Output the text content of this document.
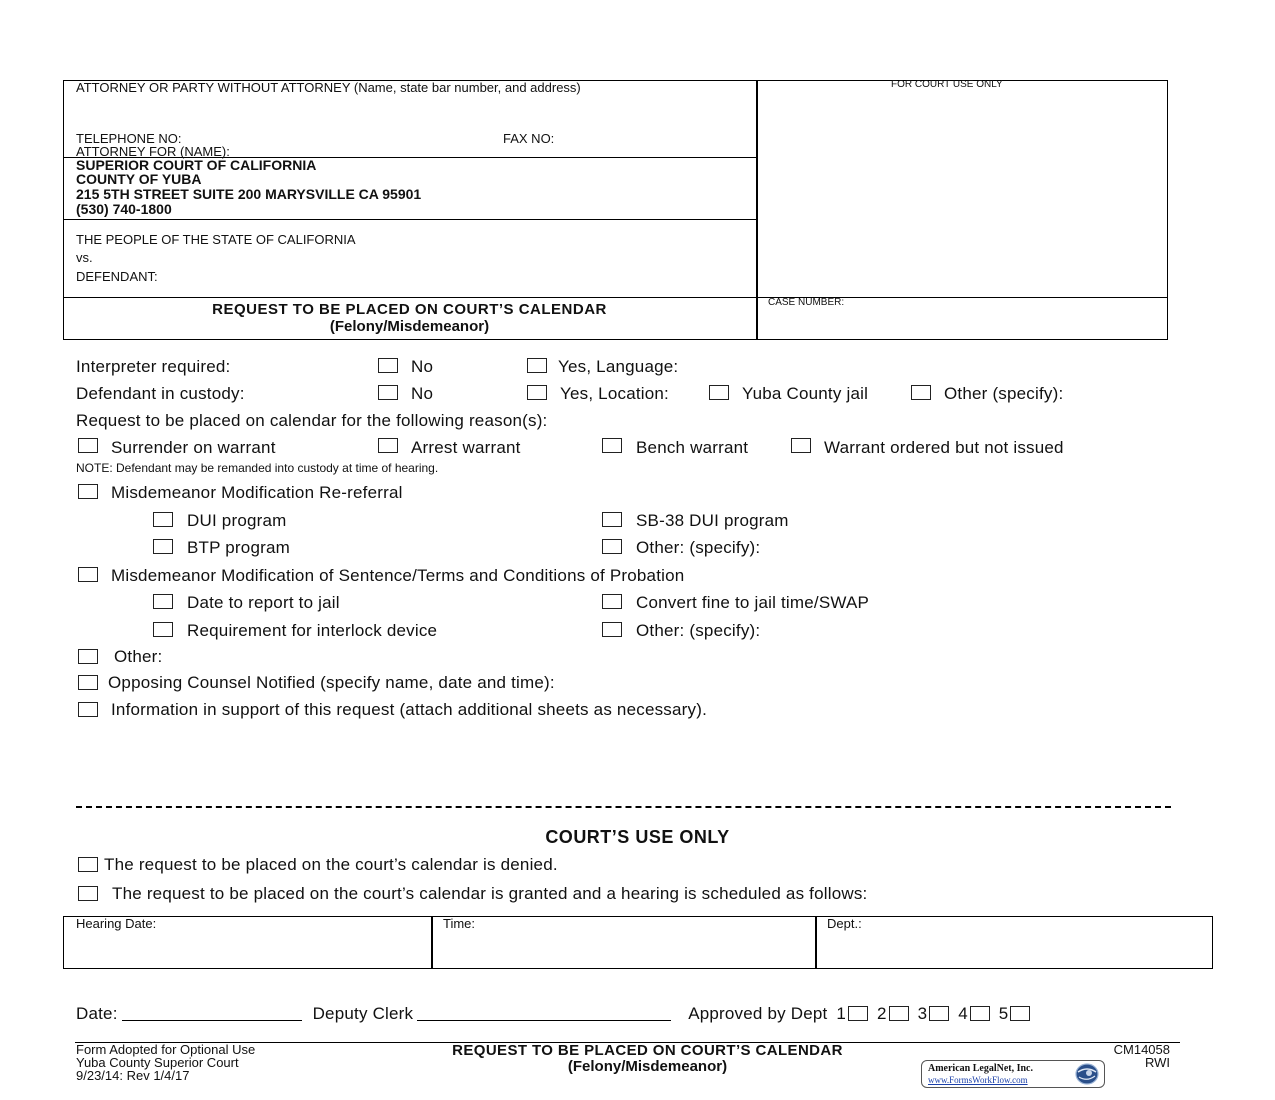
ATTORNEY OR PARTY WITHOUT ATTORNEY (Name, state bar number, and address)
TELEPHONE NO:	FAX NO:
ATTORNEY FOR (NAME):
FOR COURT USE ONLY
SUPERIOR COURT OF CALIFORNIA
COUNTY OF YUBA
215 5TH STREET SUITE 200 MARYSVILLE CA 95901
(530) 740-1800
THE PEOPLE OF THE STATE OF CALIFORNIA
vs.
DEFENDANT:
REQUEST TO BE PLACED ON COURT’S CALENDAR
(Felony/Misdemeanor)
CASE NUMBER:
Interpreter required:	No	Yes, Language:
Defendant in custody:	No	Yes, Location:	Yuba County jail	Other (specify):
Request to be placed on calendar for the following reason(s):
Surrender on warrant	Arrest warrant	Bench warrant	Warrant ordered but not issued
NOTE: Defendant may be remanded into custody at time of hearing.
Misdemeanor Modification Re-referral
DUI program	SB-38 DUI program
BTP program	Other: (specify):
Misdemeanor Modification of Sentence/Terms and Conditions of Probation
Date to report to jail	Convert fine to jail time/SWAP
Requirement for interlock device	Other: (specify):
Other:
Opposing Counsel Notified (specify name, date and time):
Information in support of this request (attach additional sheets as necessary).
COURT’S USE ONLY
The request to be placed on the court’s calendar is denied.
The request to be placed on the court’s calendar is granted and a hearing is scheduled as follows:
Hearing Date:	Time:	Dept.:
Date:	Deputy Clerk	Approved by Dept 1 2 3 4 5
Form Adopted for Optional Use
Yuba County Superior Court
9/23/14: Rev 1/4/17
REQUEST TO BE PLACED ON COURT’S CALENDAR
(Felony/Misdemeanor)
CM14058
RWI
American LegalNet, Inc.
www.FormsWorkFlow.com
